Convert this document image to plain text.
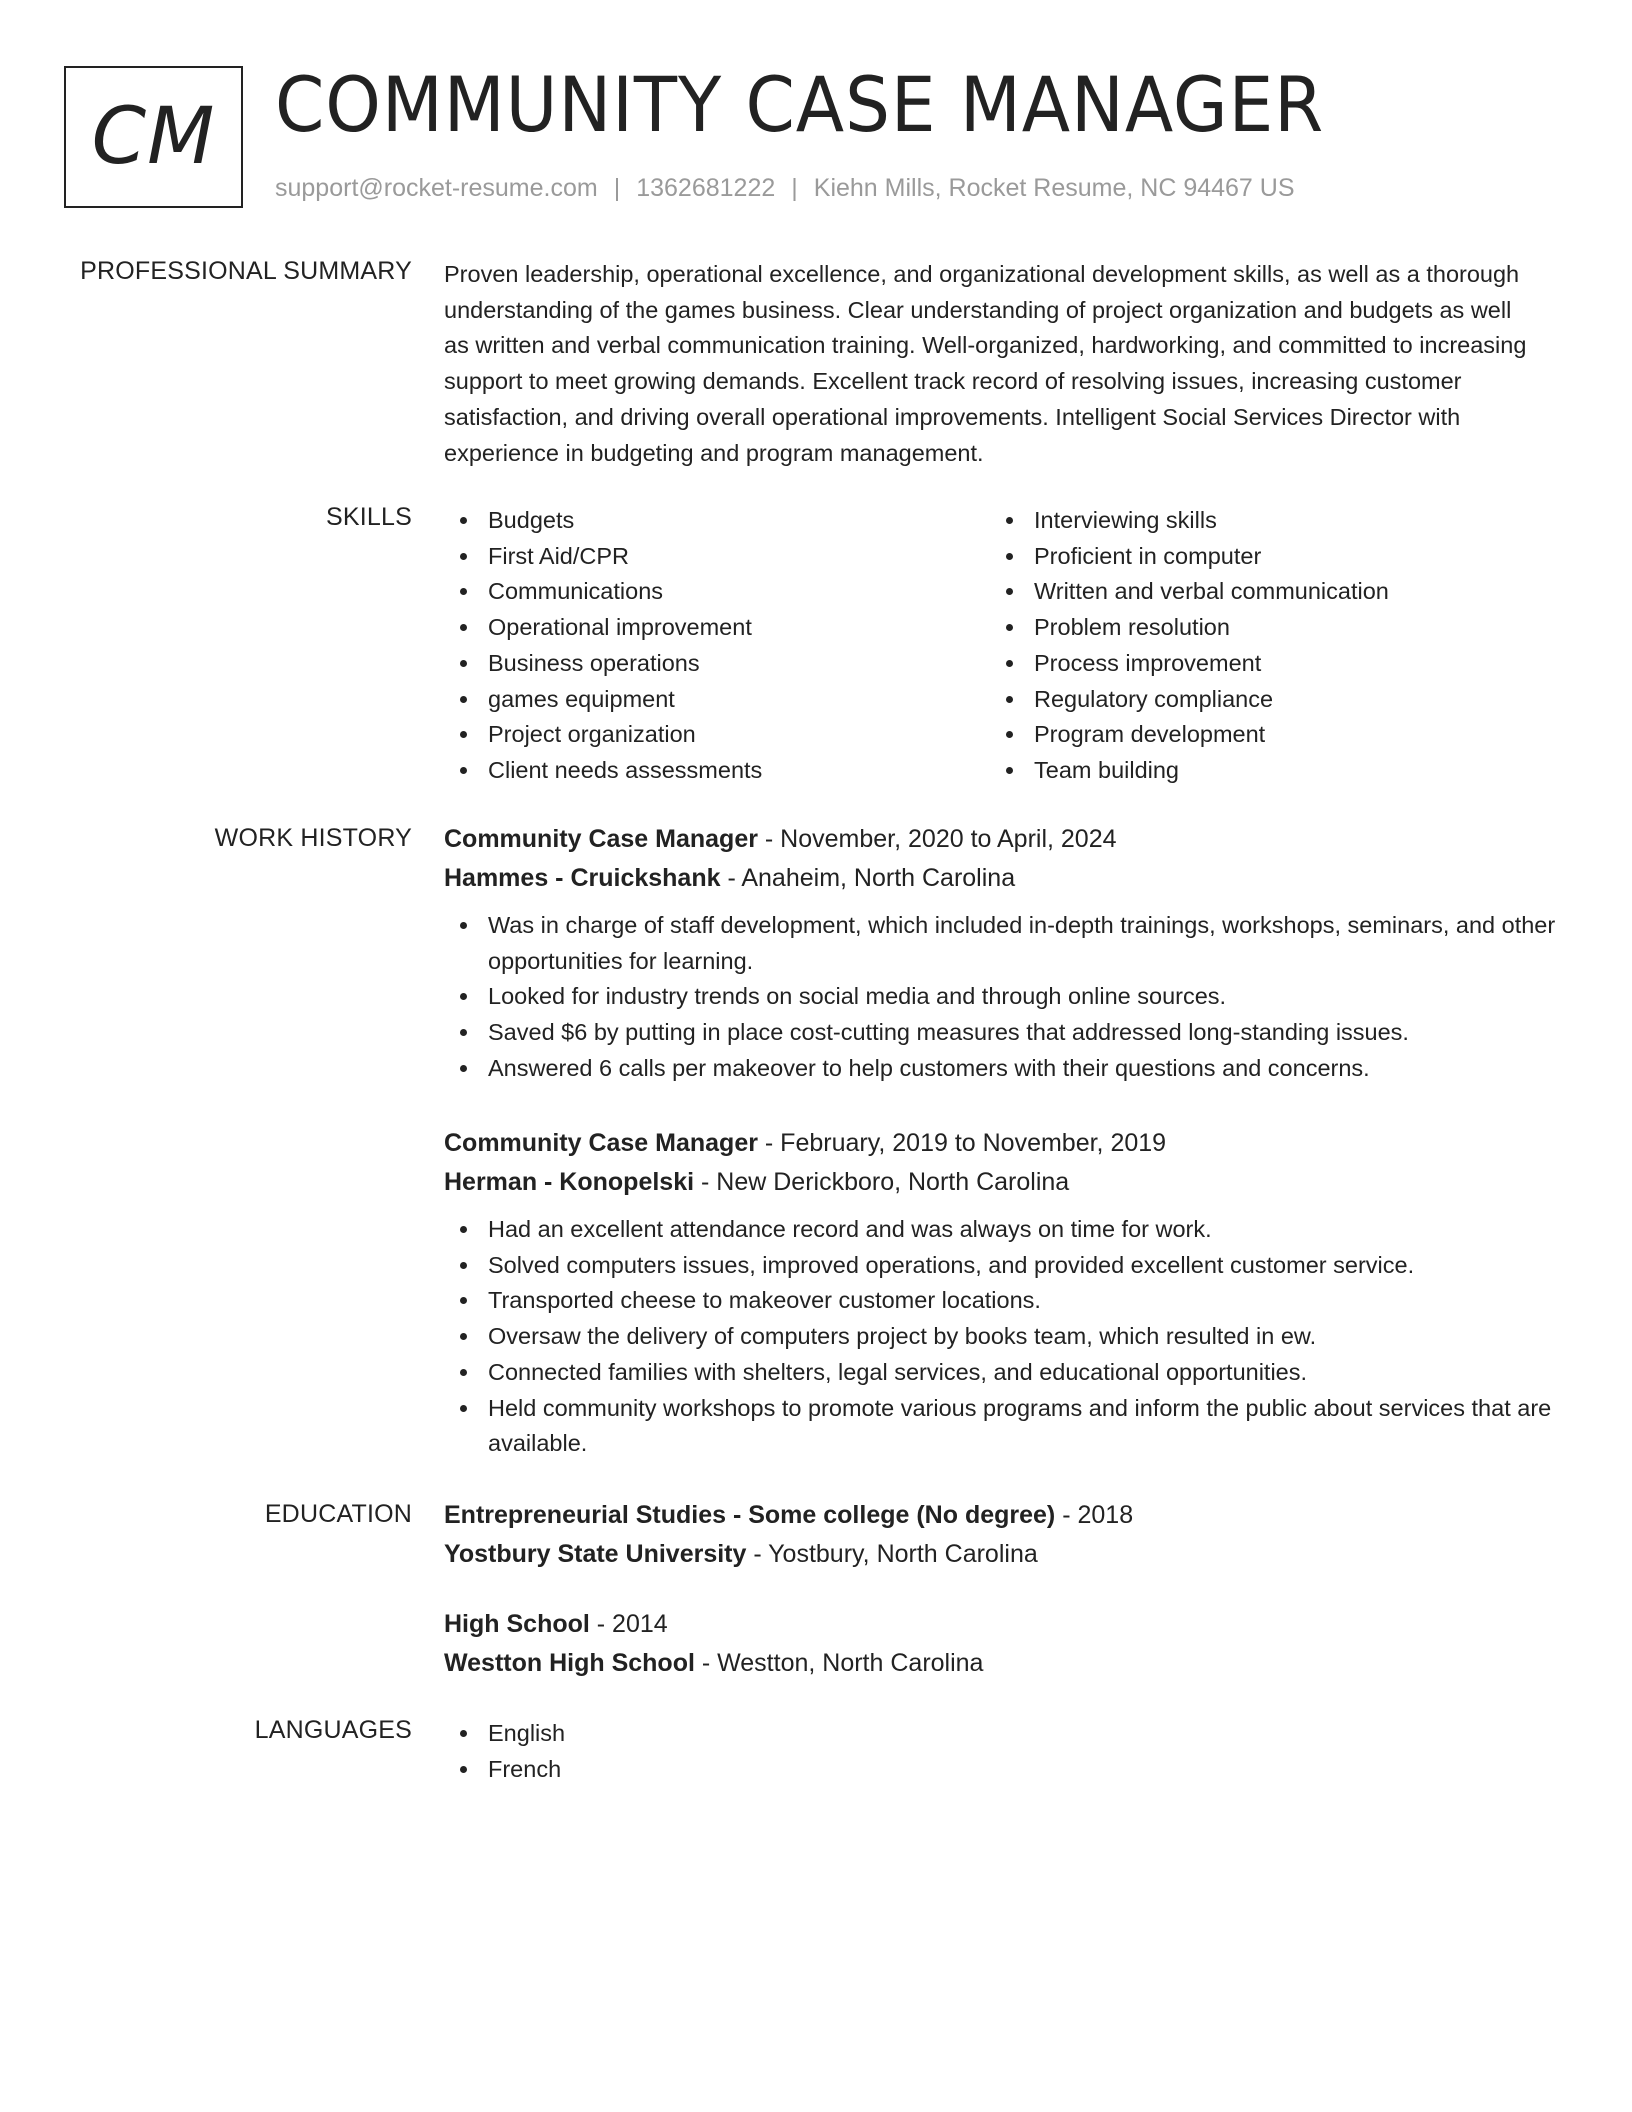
CM COMMUNITY CASE MANAGER
support@rocket-resume.com | 1362681222 | Kiehn Mills, Rocket Resume, NC 94467 US
PROFESSIONAL SUMMARY Proven leadership, operational excellence, and organizational development skills, as well as a thorough understanding of the games business. Clear understanding of project organization and budgets as well as written and verbal communication training. Well-organized, hardworking, and committed to increasing support to meet growing demands. Excellent track record of resolving issues, increasing customer satisfaction, and driving overall operational improvements. Intelligent Social Services Director with experience in budgeting and program management.
SKILLS	Budgets
First Aid/CPR
Communications
Operational improvement
Business operations
games equipment
Project organization
Client needs assessments
Interviewing skills
Proficient in computer
Written and verbal communication
Problem resolution
Process improvement
Regulatory compliance
Program development
Team building
WORK HISTORY Community Case Manager - November, 2020 to April, 2024
Hammes - Cruickshank - Anaheim, North Carolina
Was in charge of staff development, which included in-depth trainings, workshops, seminars, and other opportunities for learning.
Looked for industry trends on social media and through online sources.
Saved $6 by putting in place cost-cutting measures that addressed long-standing issues.
Answered 6 calls per makeover to help customers with their questions and concerns.
Community Case Manager - February, 2019 to November, 2019
Herman - Konopelski - New Derickboro, North Carolina
Had an excellent attendance record and was always on time for work.
Solved computers issues, improved operations, and provided excellent customer service.
Transported cheese to makeover customer locations.
Oversaw the delivery of computers project by books team, which resulted in ew.
Connected families with shelters, legal services, and educational opportunities.
Held community workshops to promote various programs and inform the public about services that are available.
EDUCATION Entrepreneurial Studies - Some college (No degree) - 2018
Yostbury State University - Yostbury, North Carolina
High School - 2014
Westton High School - Westton, North Carolina
LANGUAGES	English
French
